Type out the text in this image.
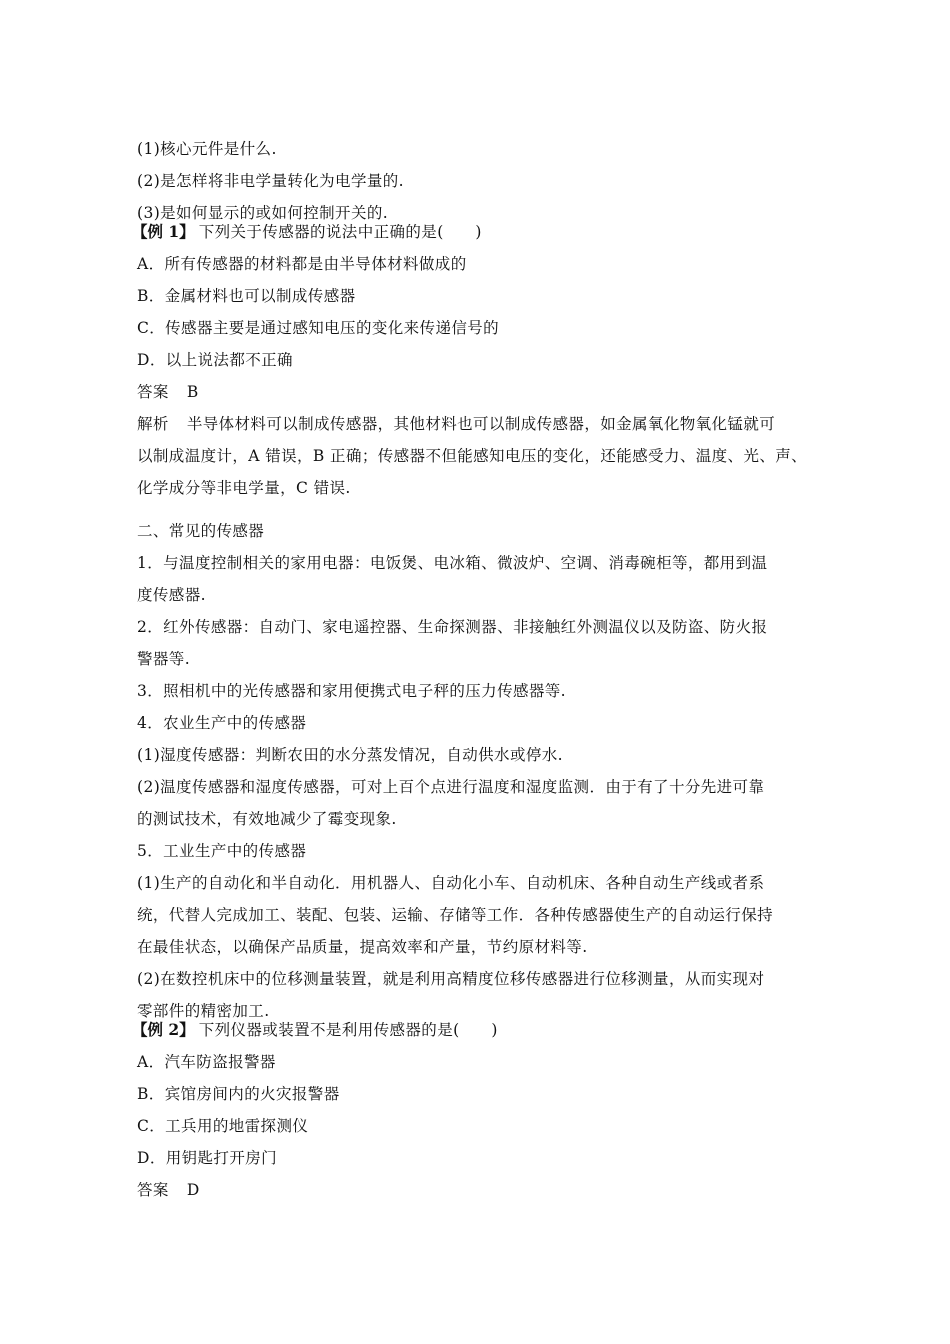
(1)核心元件是什么.
(2)是怎样将非电学量转化为电学量的.
(3)是如何显示的或如何控制开关的.
【例 1】 下列关于传感器的说法中正确的是(　　)
A．所有传感器的材料都是由半导体材料做成的
B．金属材料也可以制成传感器
C．传感器主要是通过感知电压的变化来传递信号的
D．以上说法都不正确
答案 B
解析 半导体材料可以制成传感器，其他材料也可以制成传感器，如金属氧化物氧化锰就可
以制成温度计，A 错误，B 正确；传感器不但能感知电压的变化，还能感受力、温度、光、声、
化学成分等非电学量，C 错误.
二、常见的传感器
1．与温度控制相关的家用电器：电饭煲、电冰箱、微波炉、空调、消毒碗柜等，都用到温
度传感器.
2．红外传感器：自动门、家电遥控器、生命探测器、非接触红外测温仪以及防盗、防火报
警器等.
3．照相机中的光传感器和家用便携式电子秤的压力传感器等.
4．农业生产中的传感器
(1)湿度传感器：判断农田的水分蒸发情况，自动供水或停水.
(2)温度传感器和湿度传感器，可对上百个点进行温度和湿度监测．由于有了十分先进可靠
的测试技术，有效地减少了霉变现象.
5．工业生产中的传感器
(1)生产的自动化和半自动化．用机器人、自动化小车、自动机床、各种自动生产线或者系
统，代替人完成加工、装配、包装、运输、存储等工作．各种传感器使生产的自动运行保持
在最佳状态，以确保产品质量，提高效率和产量，节约原材料等.
(2)在数控机床中的位移测量装置，就是利用高精度位移传感器进行位移测量，从而实现对
零部件的精密加工.
【例 2】 下列仪器或装置不是利用传感器的是(　　)
A．汽车防盗报警器
B．宾馆房间内的火灾报警器
C．工兵用的地雷探测仪
D．用钥匙打开房门
答案 D
